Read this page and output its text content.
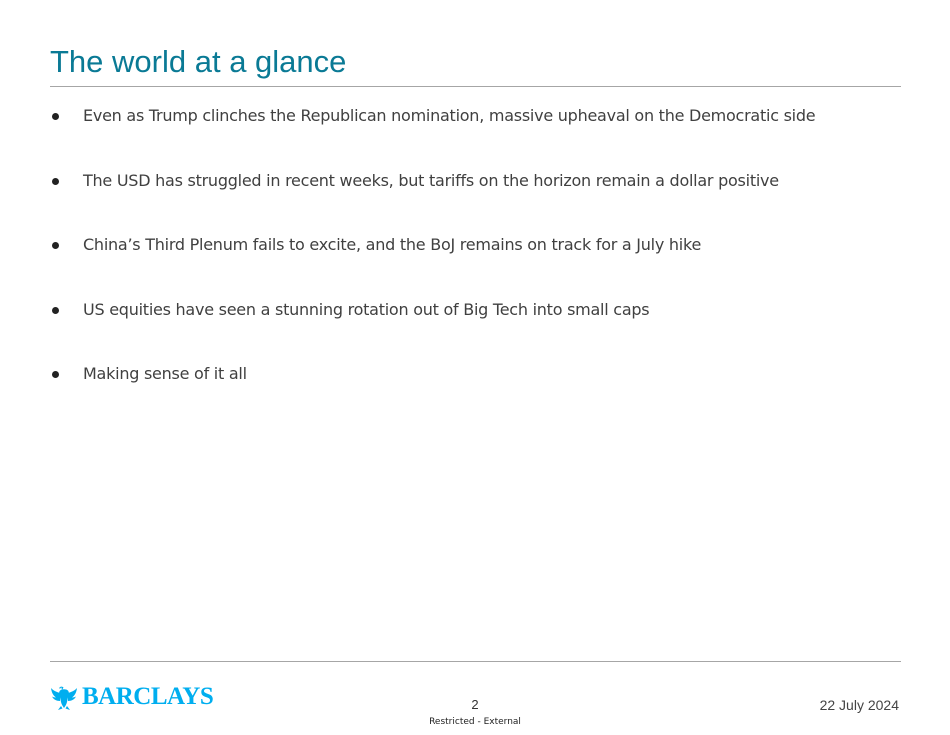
The world at a glance
Even as Trump clinches the Republican nomination, massive upheaval on the Democratic side
The USD has struggled in recent weeks, but tariffs on the horizon remain a dollar positive
China’s Third Plenum fails to excite, and the BoJ remains on track for a July hike
US equities have seen a stunning rotation out of Big Tech into small caps
Making sense of it all
BARCLAYS	2
Restricted - External
22 July 2024
